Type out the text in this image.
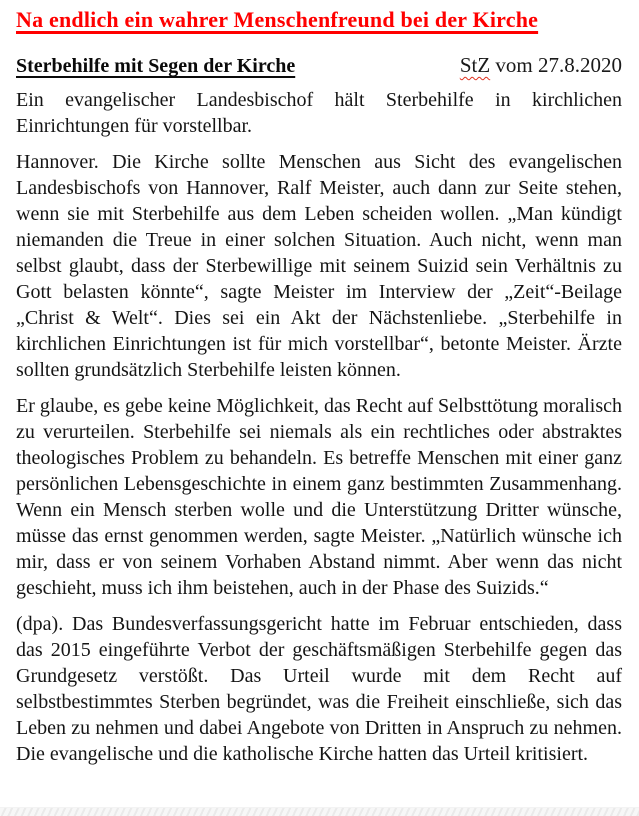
Na endlich ein wahrer Menschenfreund bei der Kirche
Sterbehilfe mit Segen der Kirche	StZ vom 27.8.2020

Ein evangelischer Landesbischof hält Sterbehilfe in kirchlichen Einrichtungen für vorstellbar.

Hannover. Die Kirche sollte Menschen aus Sicht des evangelischen Landesbischofs von Hannover, Ralf Meister, auch dann zur Seite stehen, wenn sie mit Sterbehilfe aus dem Leben scheiden wollen. „Man kündigt niemanden die Treue in einer solchen Situation. Auch nicht, wenn man selbst glaubt, dass der Sterbewillige mit seinem Suizid sein Verhältnis zu Gott belasten könnte“, sagte Meister im Interview der „Zeit“-Beilage „Christ & Welt“. Dies sei ein Akt der Nächstenliebe. „Sterbehilfe in kirchlichen Einrichtungen ist für mich vorstellbar“, betonte Meister. Ärzte sollten grundsätzlich Sterbehilfe leisten können.

Er glaube, es gebe keine Möglichkeit, das Recht auf Selbsttötung moralisch zu verurteilen. Sterbehilfe sei niemals als ein rechtliches oder abstraktes theologisches Problem zu behandeln. Es betreffe Menschen mit einer ganz persönlichen Lebensgeschichte in einem ganz bestimmten Zusammenhang. Wenn ein Mensch sterben wolle und die Unterstützung Dritter wünsche, müsse das ernst genommen werden, sagte Meister. „Natürlich wünsche ich mir, dass er von seinem Vorhaben Abstand nimmt. Aber wenn das nicht geschieht, muss ich ihm beistehen, auch in der Phase des Suizids.“

(dpa). Das Bundesverfassungsgericht hatte im Februar entschieden, dass das 2015 eingeführte Verbot der geschäftsmäßigen Sterbehilfe gegen das Grundgesetz verstößt. Das Urteil wurde mit dem Recht auf selbstbestimmtes Sterben begründet, was die Freiheit einschließe, sich das Leben zu nehmen und dabei Angebote von Dritten in Anspruch zu nehmen. Die evangelische und die katholische Kirche hatten das Urteil kritisiert.
